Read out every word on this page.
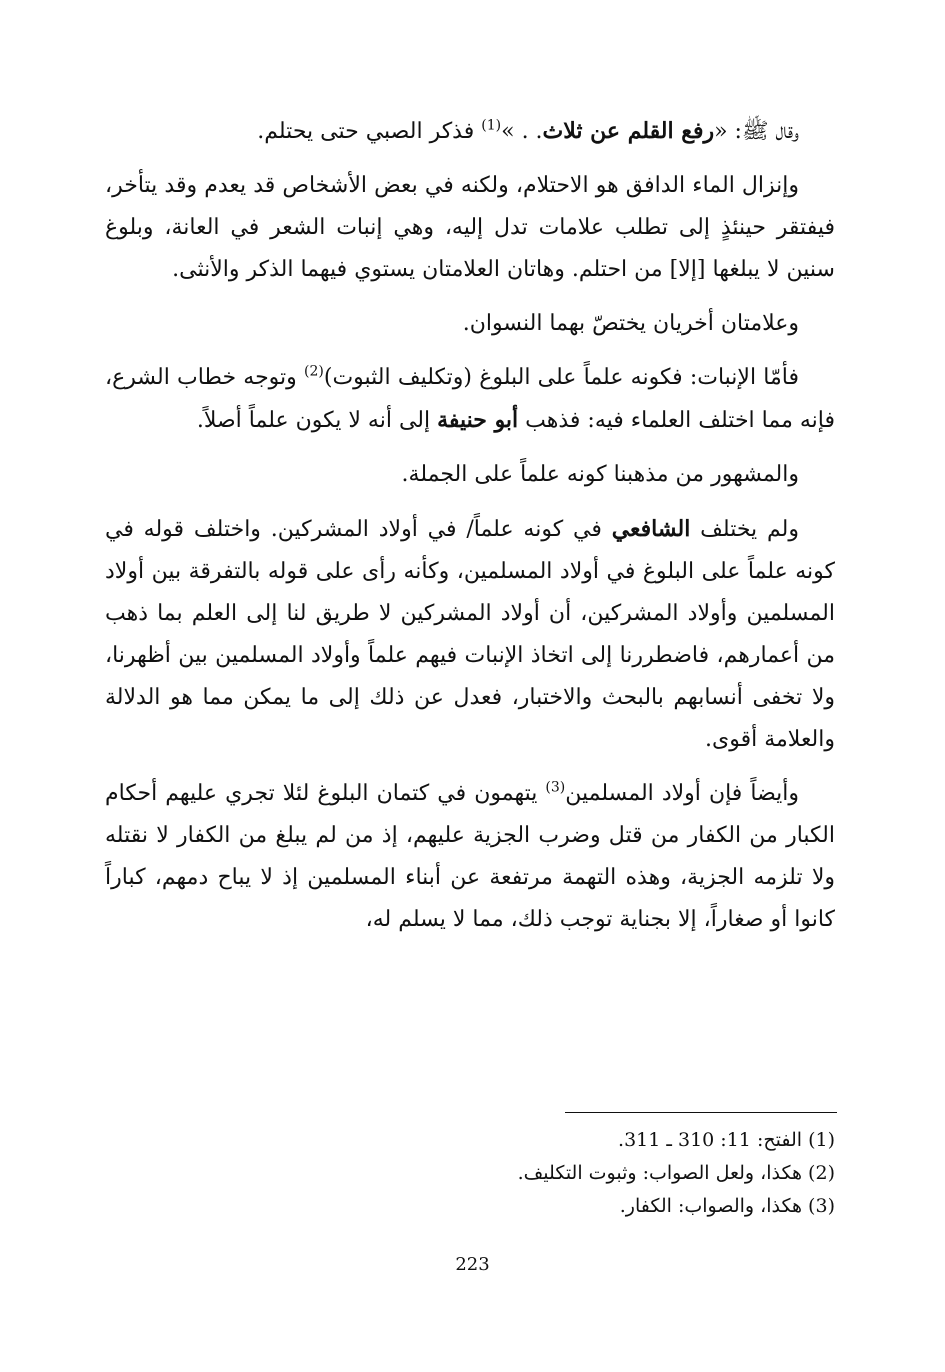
وقال ﷺ: «رفع القلم عن ثلاث. . »$^{(1)}$ فذكر الصبي حتى يحتلم.

وإنزال الماء الدافق هو الاحتلام، ولكنه في بعض الأشخاص قد يعدم وقد يتأخر، فيفتقر حينئذٍ إلى تطلب علامات تدل إليه، وهي إنبات الشعر في العانة، وبلوغ سنين لا يبلغها [إلا] من احتلم. وهاتان العلامتان يستوي فيهما الذكر والأنثى.

وعلامتان أخريان يختصّ بهما النسوان.

فأمّا الإنبات: فكونه علماً على البلوغ (وتكليف الثبوت)$^{(2)}$ وتوجه خطاب الشرع، فإنه مما اختلف العلماء فيه: فذهب أبو حنيفة إلى أنه لا يكون علماً أصلاً.

والمشهور من مذهبنا كونه علماً على الجملة.

ولم يختلف الشافعي في كونه علماً/ في أولاد المشركين. واختلف قوله في كونه علماً على البلوغ في أولاد المسلمين، وكأنه رأى على قوله بالتفرقة بين أولاد المسلمين وأولاد المشركين، أن أولاد المشركين لا طريق لنا إلى العلم بما ذهب من أعمارهم، فاضطررنا إلى اتخاذ الإنبات فيهم علماً وأولاد المسلمين بين أظهرنا، ولا تخفى أنسابهم بالبحث والاختبار، فعدل عن ذلك إلى ما يمكن مما هو الدلالة والعلامة أقوى.

وأيضاً فإن أولاد المسلمين$^{(3)}$ يتهمون في كتمان البلوغ لئلا تجري عليهم أحكام الكبار من الكفار من قتل وضرب الجزية عليهم، إذ من لم يبلغ من الكفار لا نقتله ولا تلزمه الجزية، وهذه التهمة مرتفعة عن أبناء المسلمين إذ لا يباح دمهم، كباراً كانوا أو صغاراً، إلا بجناية توجب ذلك، مما لا يسلم له،

(1) الفتح: 11: 310 ـ 311.

(2) هكذا، ولعل الصواب: وثبوت التكليف.

(3) هكذا، والصواب: الكفار.

223
